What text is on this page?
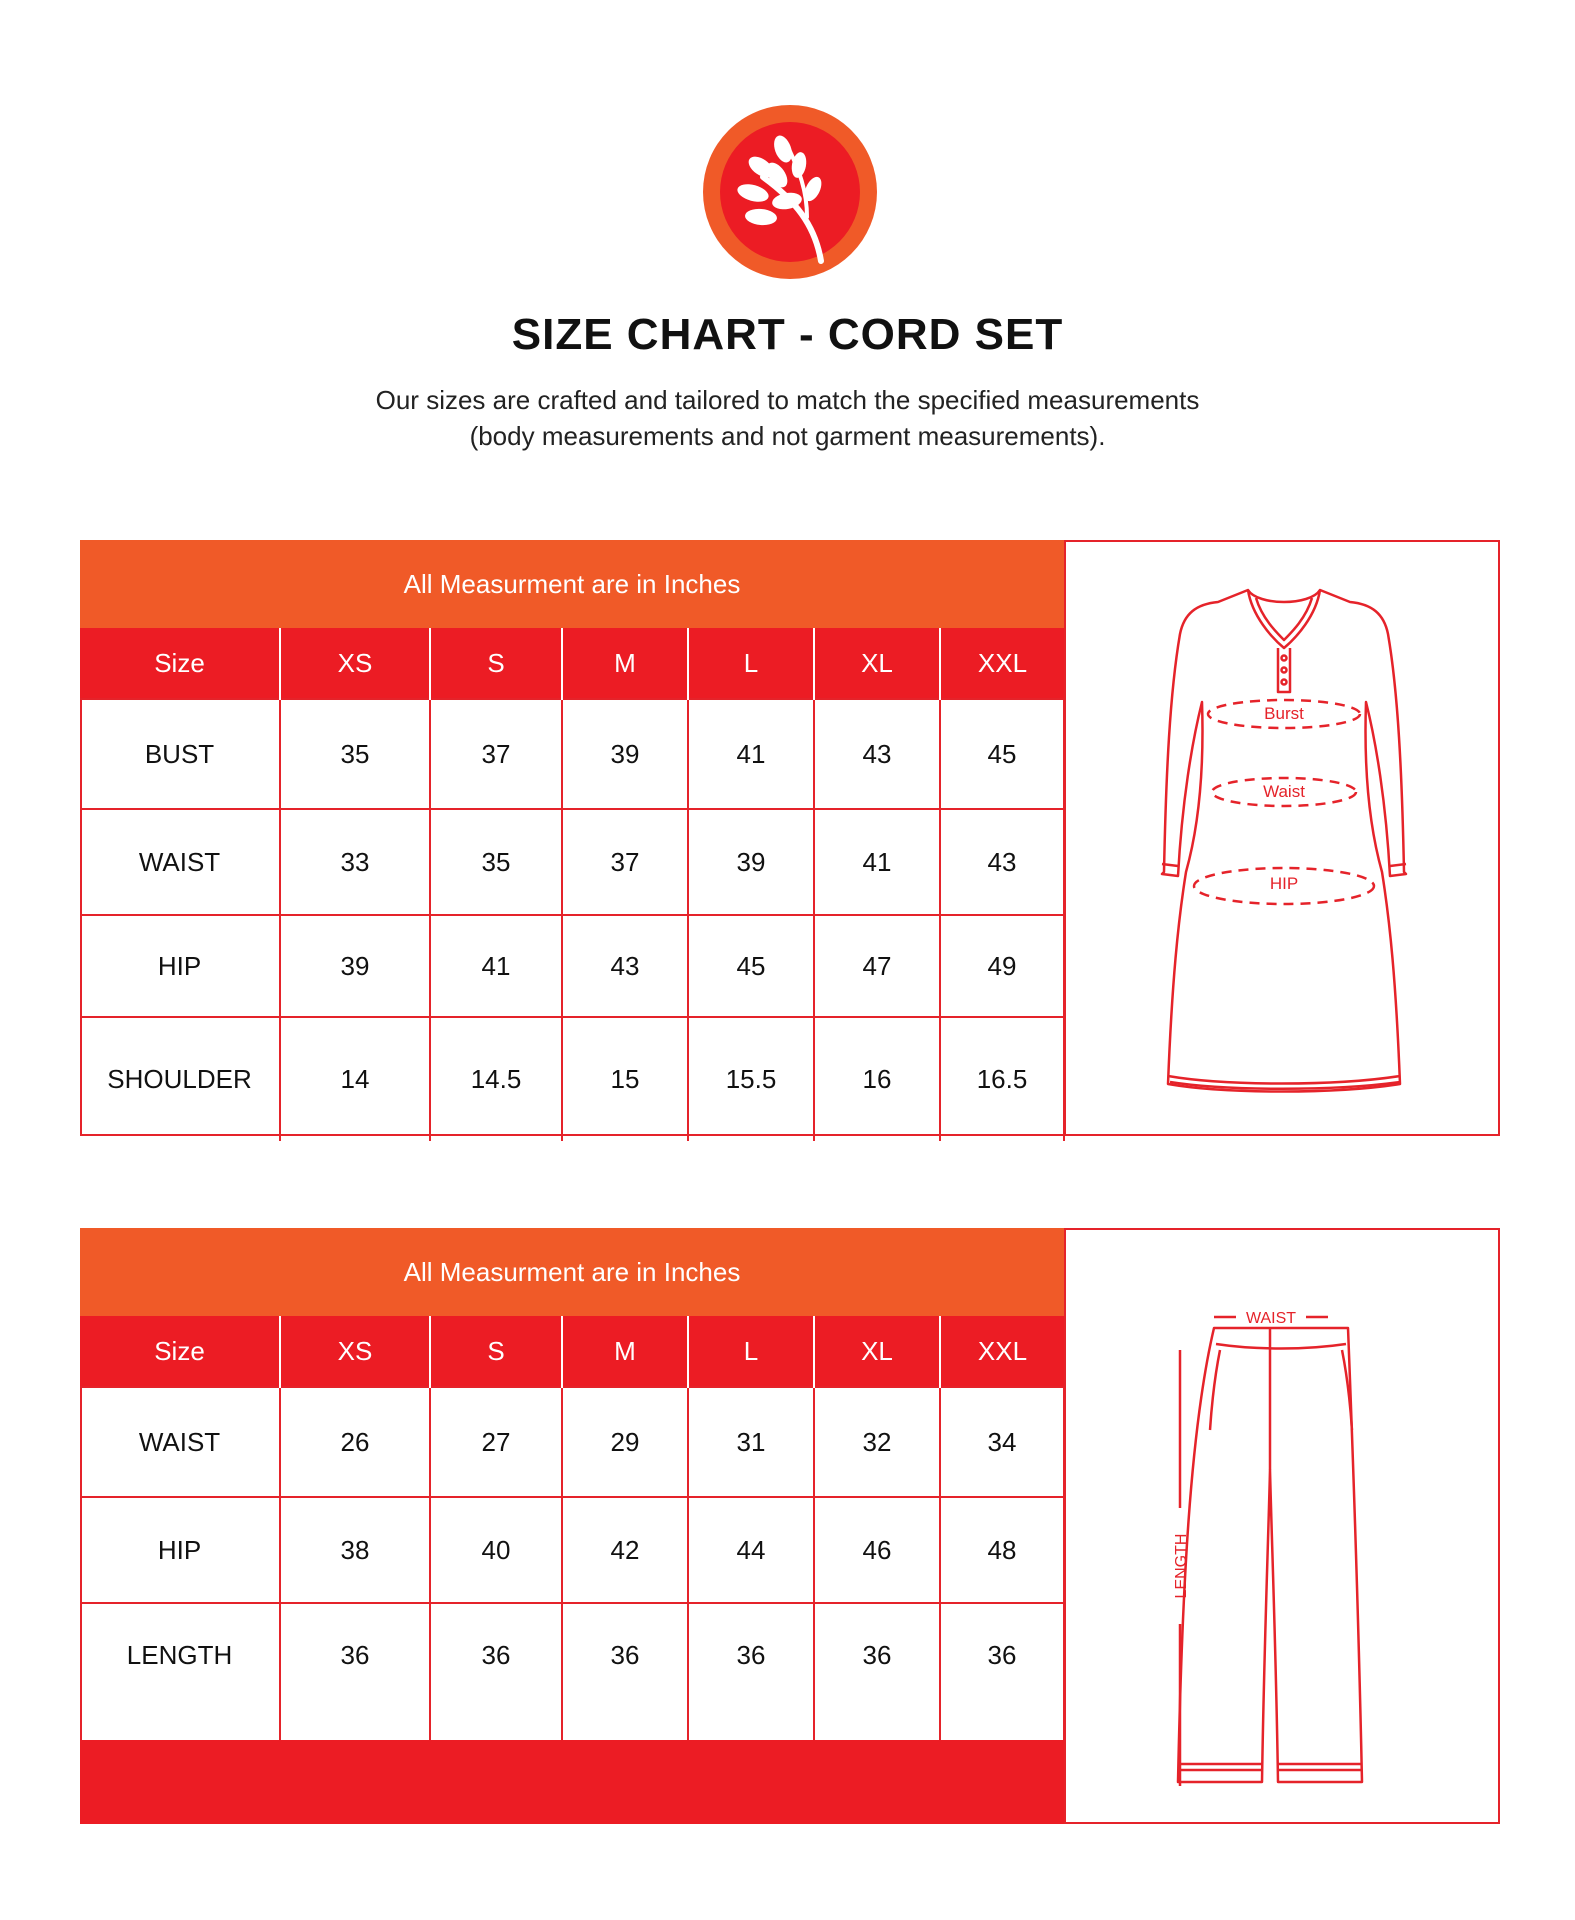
SIZE CHART - CORD SET
Our sizes are crafted and tailored to match the specified measurements
(body measurements and not garment measurements).
All Measurment are in Inches
Size	XS	S	M	L	XL	XXL
BUST	35	37	39	41	43	45
WAIST	33	35	37	39	41	43
HIP	39	41	43	45	47	49
SHOULDER	14	14.5	15	15.5	16	16.5
Burst
Waist
HIP
All Measurment are in Inches
Size	XS	S	M	L	XL	XXL
WAIST	26	27	29	31	32	34
HIP	38	40	42	44	46	48
LENGTH	36	36	36	36	36	36
WAIST
LENGTH
